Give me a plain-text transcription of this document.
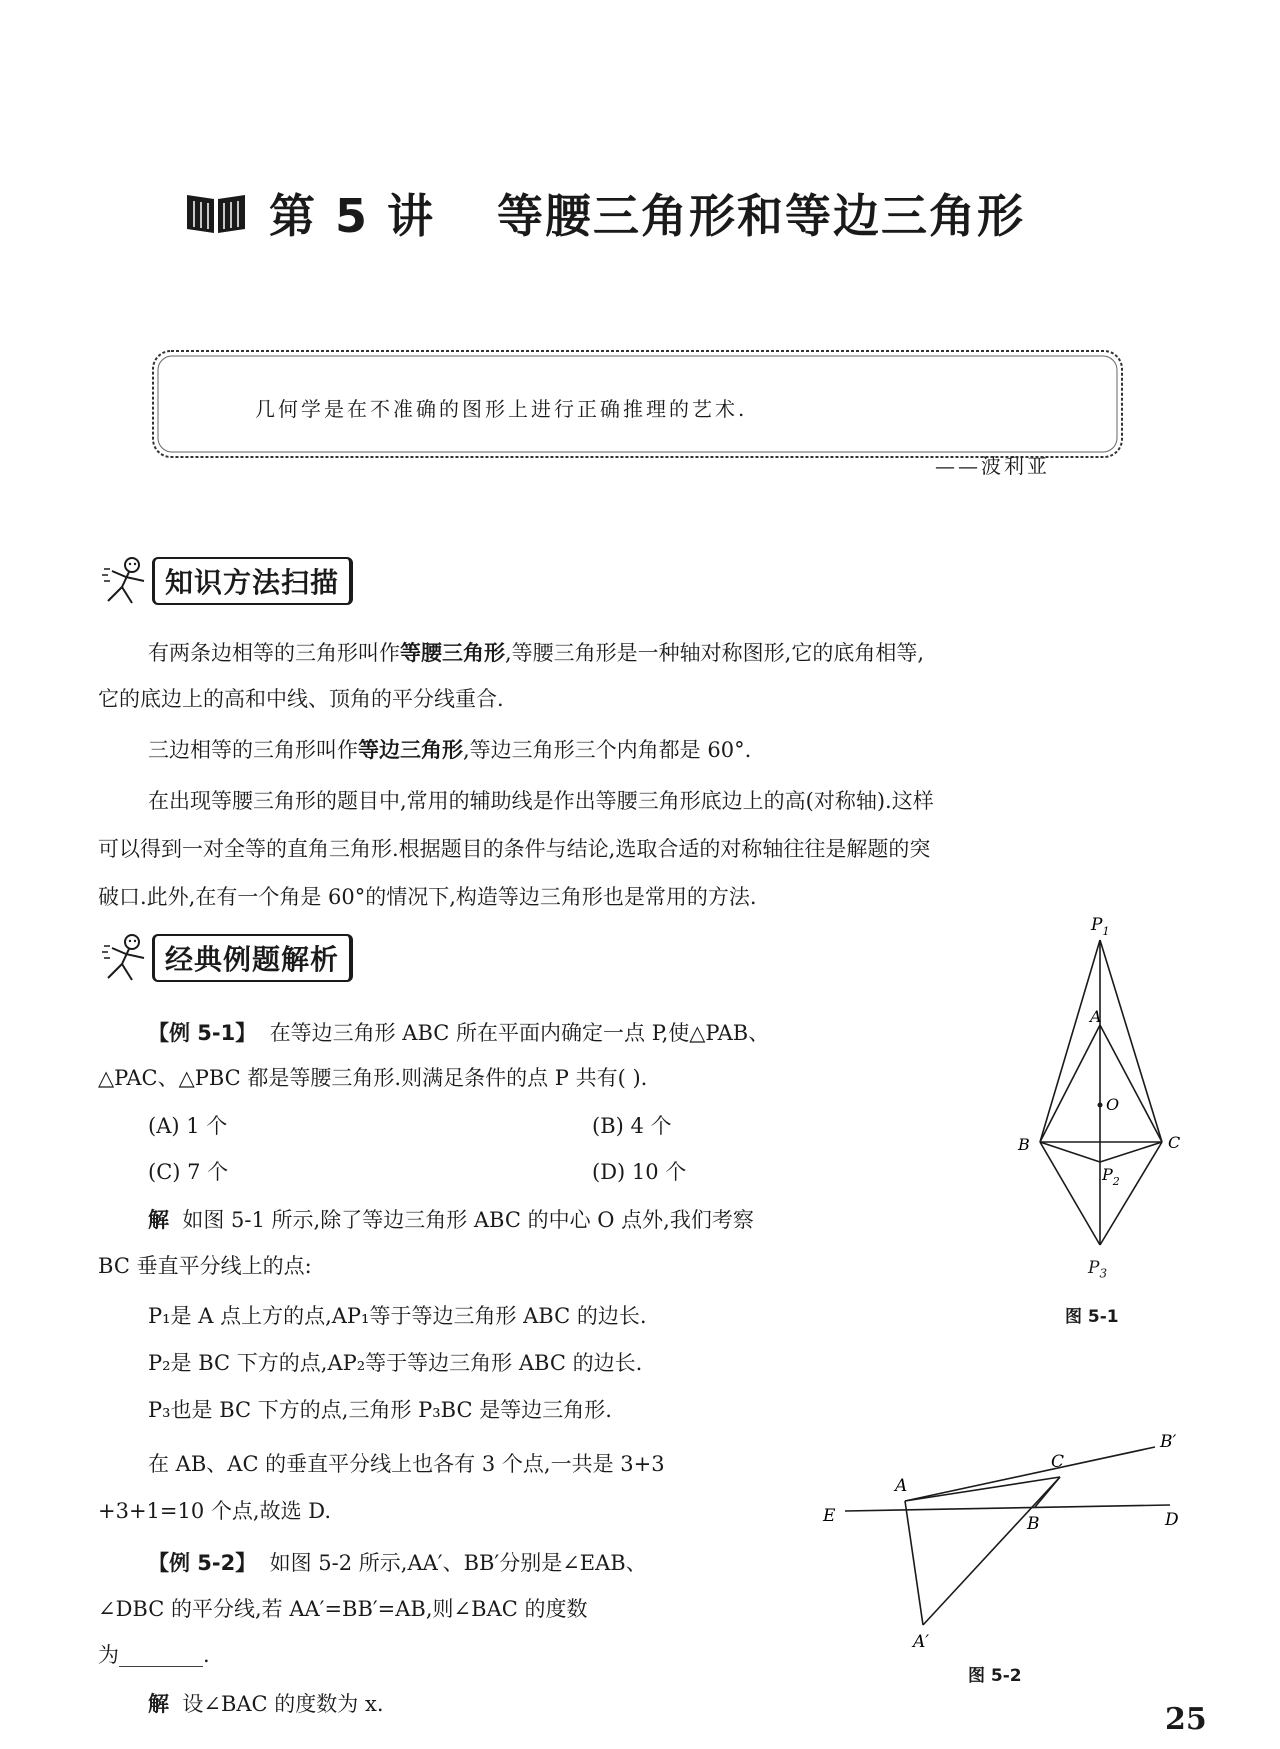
第 5 讲 等腰三角形和等边三角形
几何学是在不准确的图形上进行正确推理的艺术.
——波利亚
知识方法扫描
有两条边相等的三角形叫作等腰三角形,等腰三角形是一种轴对称图形,它的底角相等,
它的底边上的高和中线、顶角的平分线重合.
三边相等的三角形叫作等边三角形,等边三角形三个内角都是 60°.
在出现等腰三角形的题目中,常用的辅助线是作出等腰三角形底边上的高(对称轴).这样
可以得到一对全等的直角三角形.根据题目的条件与结论,选取合适的对称轴往往是解题的突
破口.此外,在有一个角是 60°的情况下,构造等边三角形也是常用的方法.
经典例题解析
【例 5-1】 在等边三角形 ABC 所在平面内确定一点 P,使△PAB、
△PAC、△PBC 都是等腰三角形.则满足条件的点 P 共有( ).
(A) 1 个	(B) 4 个
(C) 7 个	(D) 10 个
解 如图 5-1 所示,除了等边三角形 ABC 的中心 O 点外,我们考察
BC 垂直平分线上的点:
P₁是 A 点上方的点,AP₁等于等边三角形 ABC 的边长.
P₂是 BC 下方的点,AP₂等于等边三角形 ABC 的边长.
P₃也是 BC 下方的点,三角形 P₃BC 是等边三角形.
在 AB、AC 的垂直平分线上也各有 3 个点,一共是 3+3
+3+1=10 个点,故选 D.
【例 5-2】 如图 5-2 所示,AA′、BB′分别是∠EAB、
∠DBC 的平分线,若 AA′=BB′=AB,则∠BAC 的度数
为________.
解 设∠BAC 的度数为 x.
$P_1$
A
O
B	C
$P_2$
$P_3$
图 5-1
C
B′
A
E	B	D
A′
图 5-2
25
